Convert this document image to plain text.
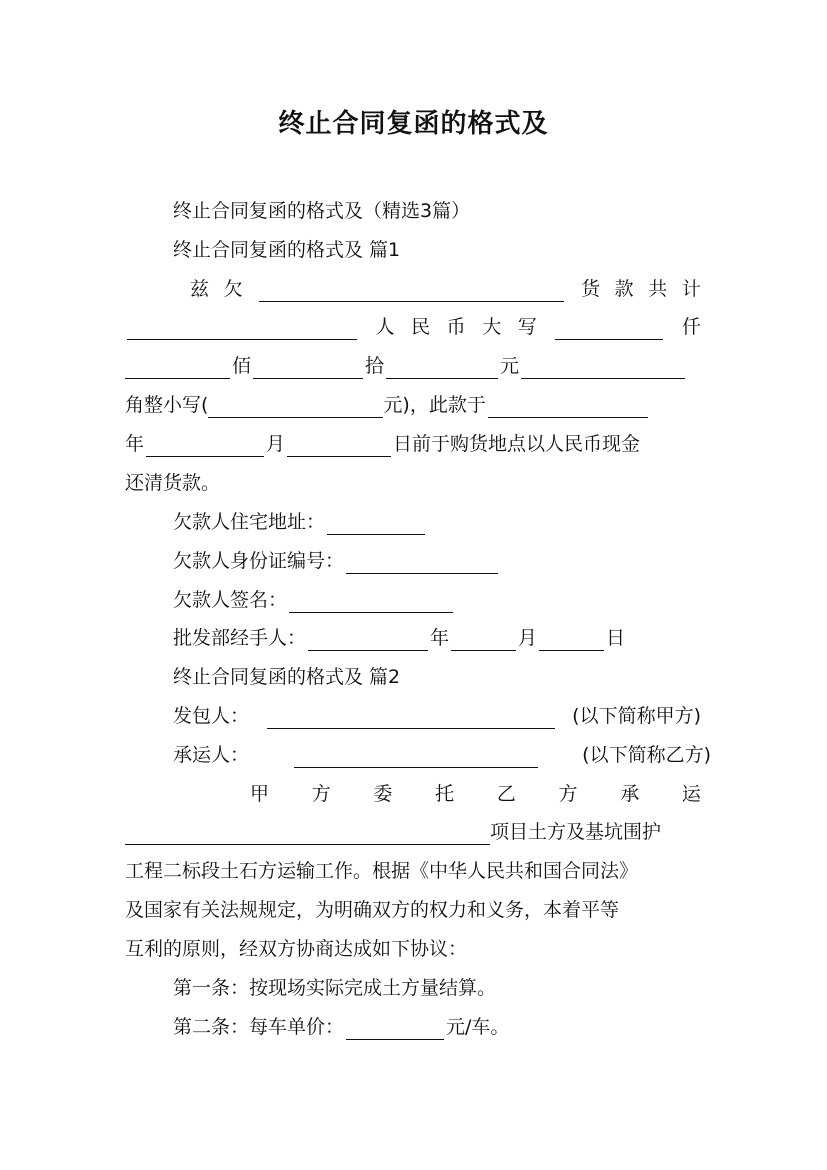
终止合同复函的格式及
终止合同复函的格式及（精选3篇）
终止合同复函的格式及 篇1
兹 欠	货 款 共 计
人 民 币 大 写	仟
佰	拾	元
角整小写(	元)，此款于
年	月	日前于购货地点以人民币现金
还清货款。
欠款人住宅地址：
欠款人身份证编号：
欠款人签名：
批发部经手人：	年	月	日
终止合同复函的格式及 篇2
发包人：	(以下简称甲方)
承运人：	(以下简称乙方)
甲 方 委 托 乙 方 承 运
项目土方及基坑围护
工程二标段土石方运输工作。根据《中华人民共和国合同法》
及国家有关法规规定，为明确双方的权力和义务，本着平等
互利的原则，经双方协商达成如下协议：
第一条：按现场实际完成土方量结算。
第二条：每车单价：	元/车。
